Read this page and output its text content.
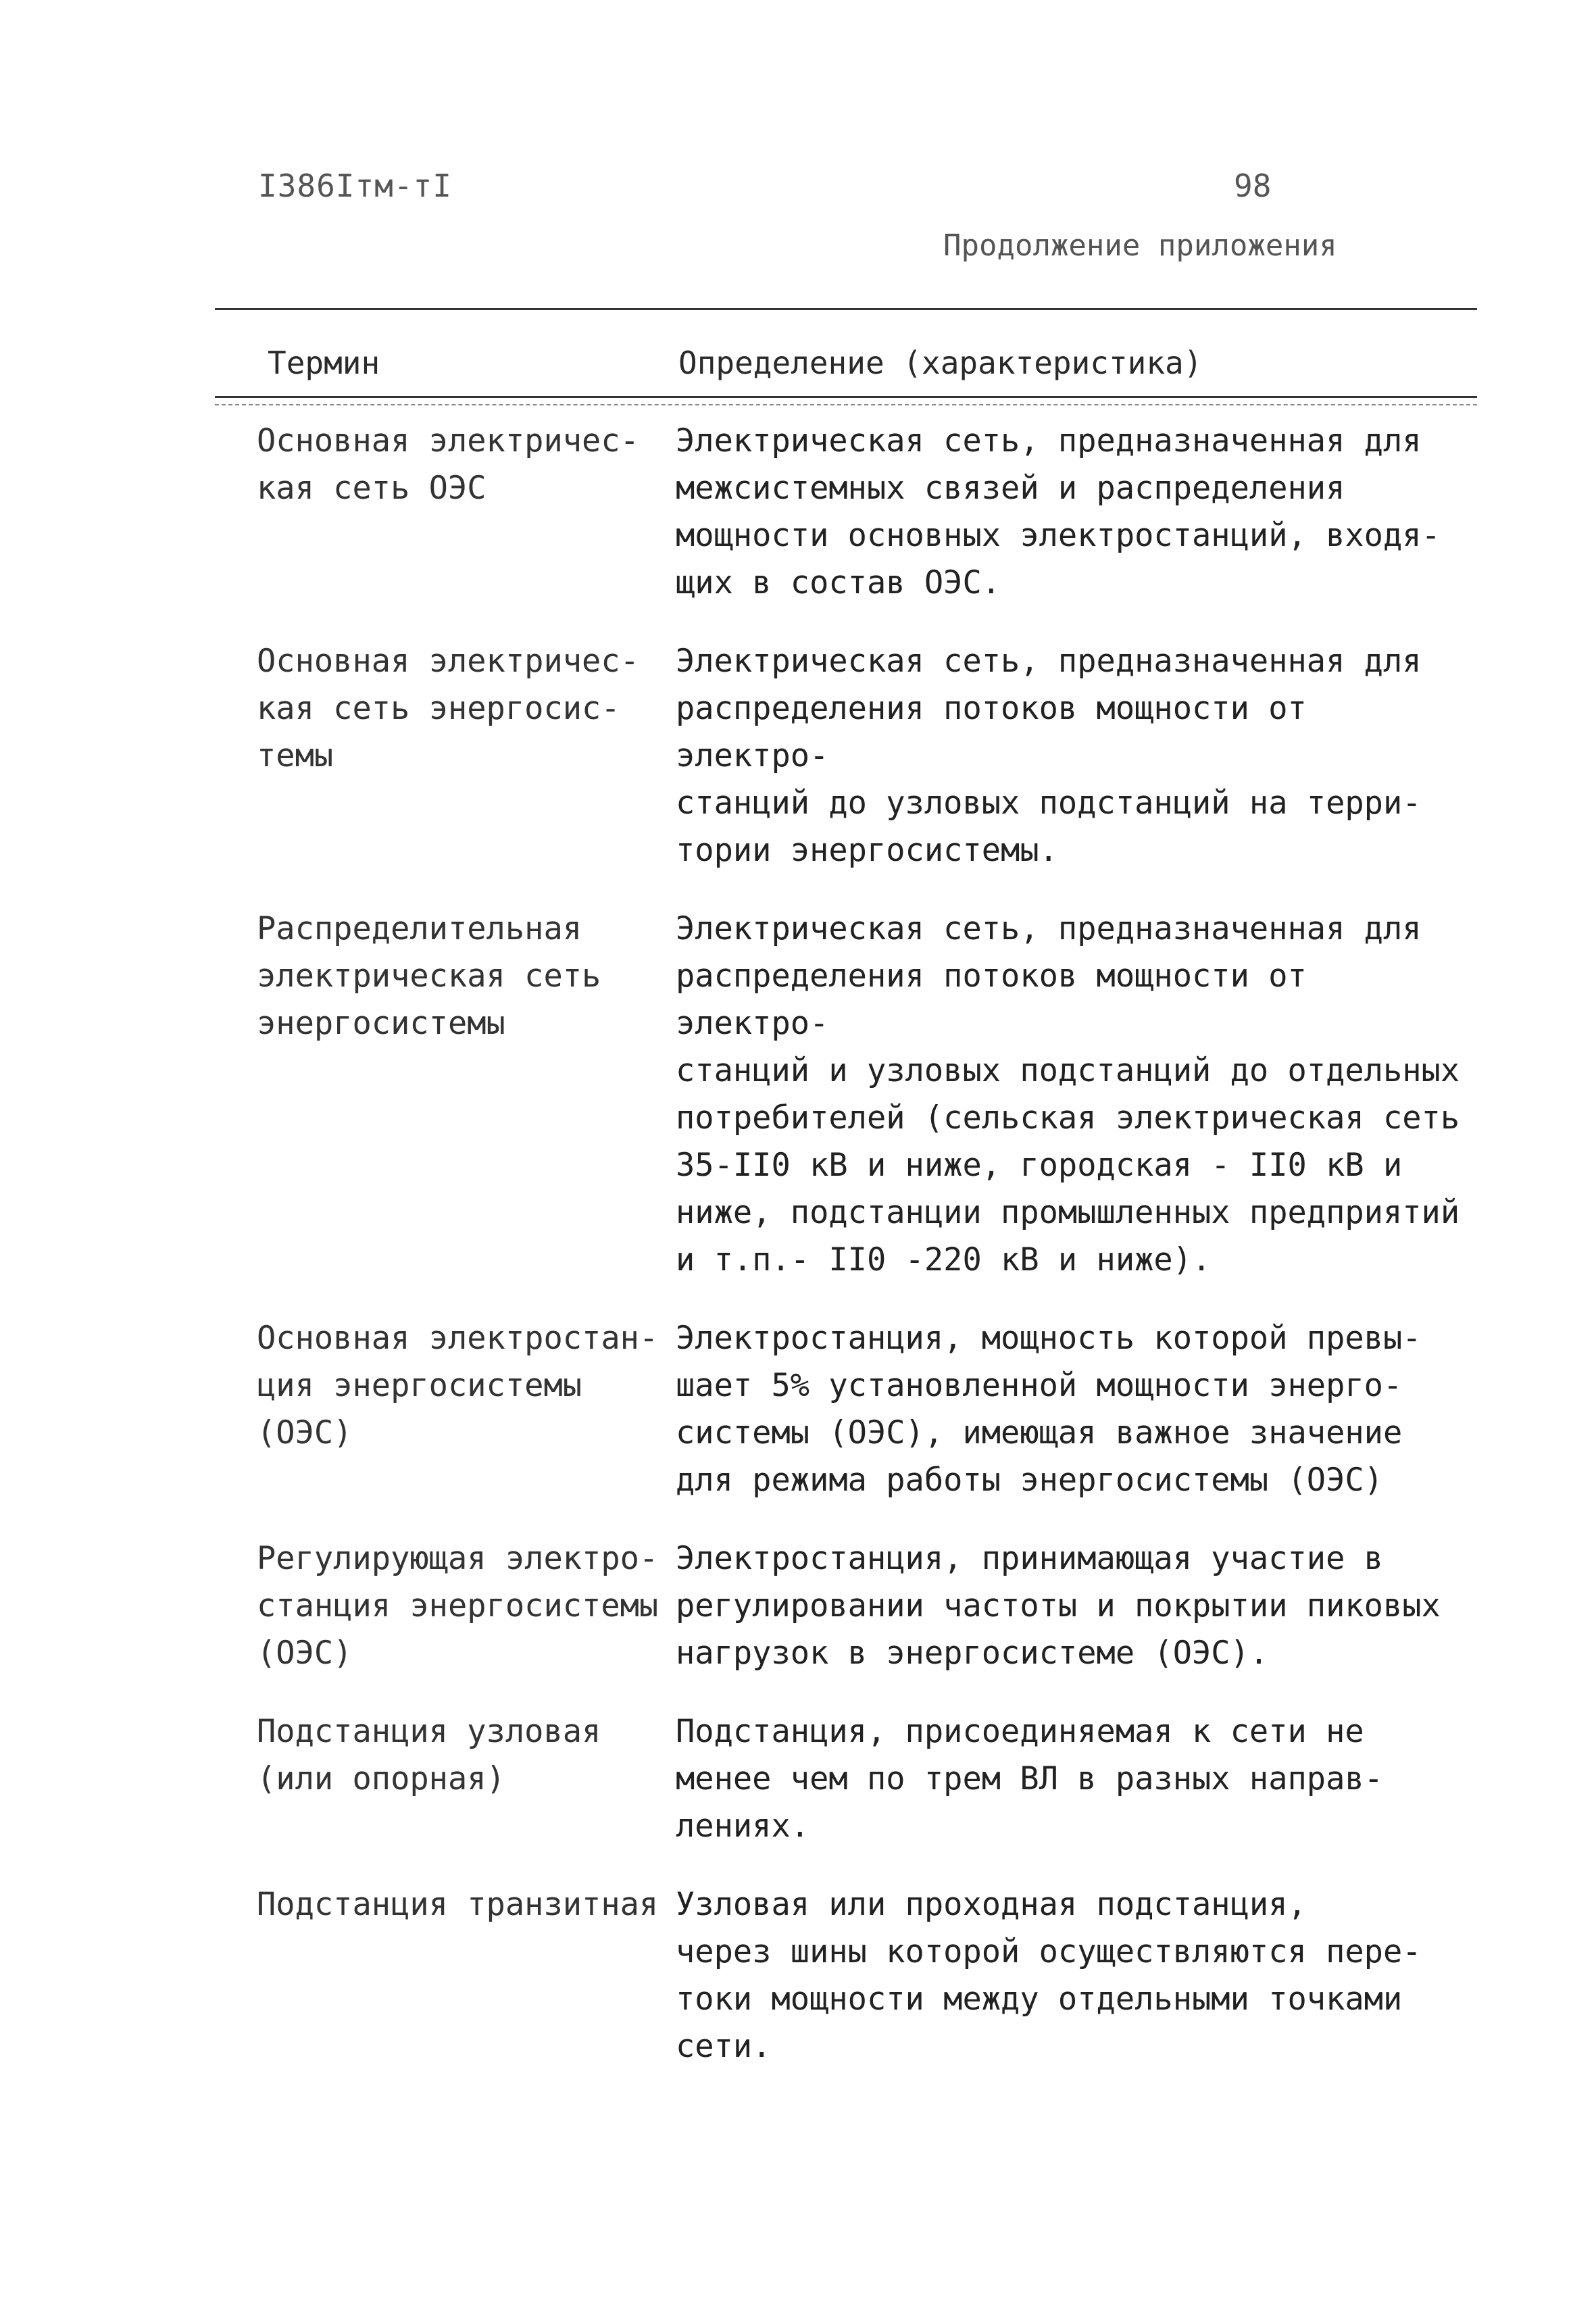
I386Iтм-тI	98
Продолжение приложения
Термин	Определение (характеристика)
Основная электричес-
кая сеть ОЭС
Электрическая сеть, предназначенная для
межсистемных связей и распределения
мощности основных электростанций, входя-
щих в состав ОЭС.
Основная электричес-
кая сеть энергосис-
темы
Электрическая сеть, предназначенная для
распределения потоков мощности от электро-
станций до узловых подстанций на терри-
тории энергосистемы.
Распределительная
электрическая сеть
энергосистемы
Электрическая сеть, предназначенная для
распределения потоков мощности от электро-
станций и узловых подстанций до отдельных
потребителей (сельская электрическая сеть
35-II0 кВ и ниже, городская - II0 кВ и
ниже, подстанции промышленных предприятий
и т.п.- II0 -220 кВ и ниже).
Основная электростан-
ция энергосистемы
(ОЭС)
Электростанция, мощность которой превы-
шает 5% установленной мощности энерго-
системы (ОЭС), имеющая важное значение
для режима работы энергосистемы (ОЭС)
Регулирующая электро-
станция энергосистемы
(ОЭС)
Электростанция, принимающая участие в
регулировании частоты и покрытии пиковых
нагрузок в энергосистеме (ОЭС).
Подстанция узловая
(или опорная)
Подстанция, присоединяемая к сети не
менее чем по трем ВЛ в разных направ-
лениях.
Подстанция транзитная Узловая или проходная подстанция,
через шины которой осуществляются пере-
токи мощности между отдельными точками
сети.
